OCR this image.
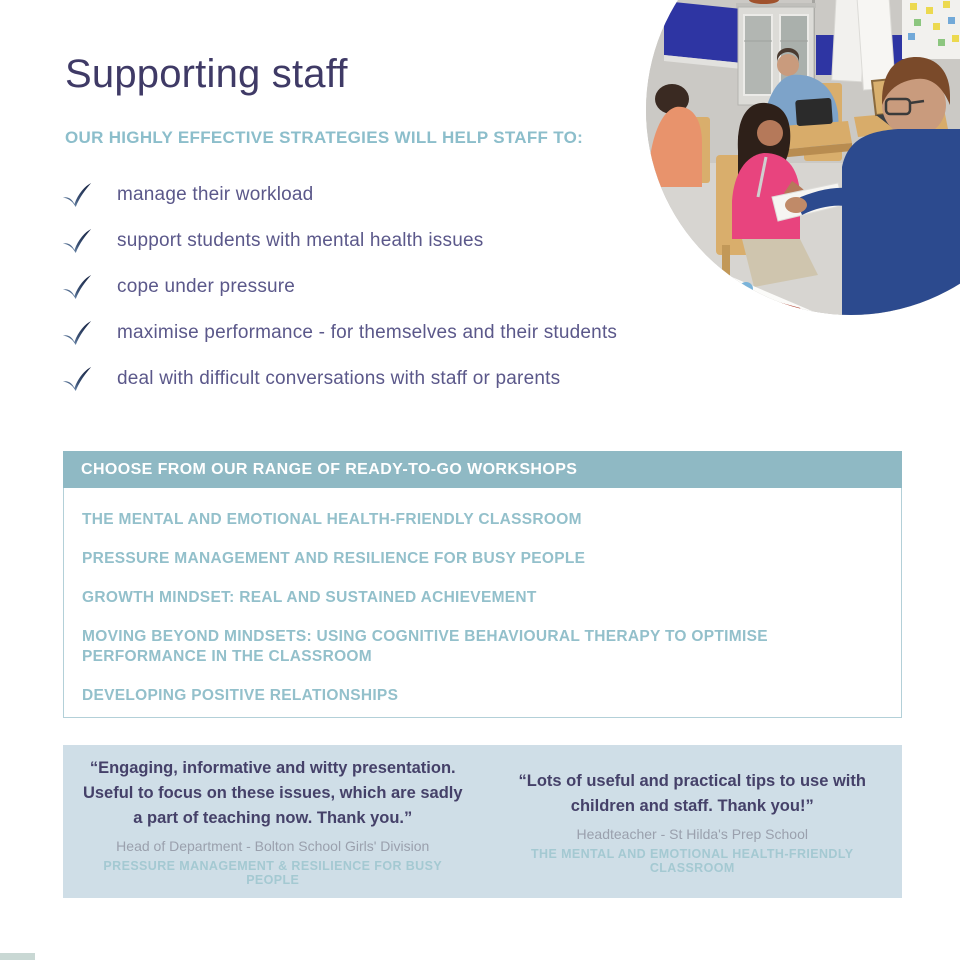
Supporting staff
OUR HIGHLY EFFECTIVE STRATEGIES WILL HELP STAFF TO:
manage their workload
support students with mental health issues
cope under pressure
maximise performance - for themselves and their students
deal with difficult conversations with staff or parents
CHOOSE FROM OUR RANGE OF READY-TO-GO WORKSHOPS
THE MENTAL AND EMOTIONAL HEALTH-FRIENDLY CLASSROOM
PRESSURE MANAGEMENT AND RESILIENCE FOR BUSY PEOPLE
GROWTH MINDSET: REAL AND SUSTAINED ACHIEVEMENT
MOVING BEYOND MINDSETS: USING COGNITIVE BEHAVIOURAL THERAPY TO OPTIMISE PERFORMANCE IN THE CLASSROOM
DEVELOPING POSITIVE RELATIONSHIPS
“Engaging, informative and witty presentation. Useful to focus on these issues, which are sadly a part of teaching now. Thank you.”
Head of Department - Bolton School Girls' Division
PRESSURE MANAGEMENT & RESILIENCE FOR BUSY PEOPLE
“Lots of useful and practical tips to use with children and staff. Thank you!”
Headteacher - St Hilda's Prep School
THE MENTAL AND EMOTIONAL HEALTH-FRIENDLY CLASSROOM
